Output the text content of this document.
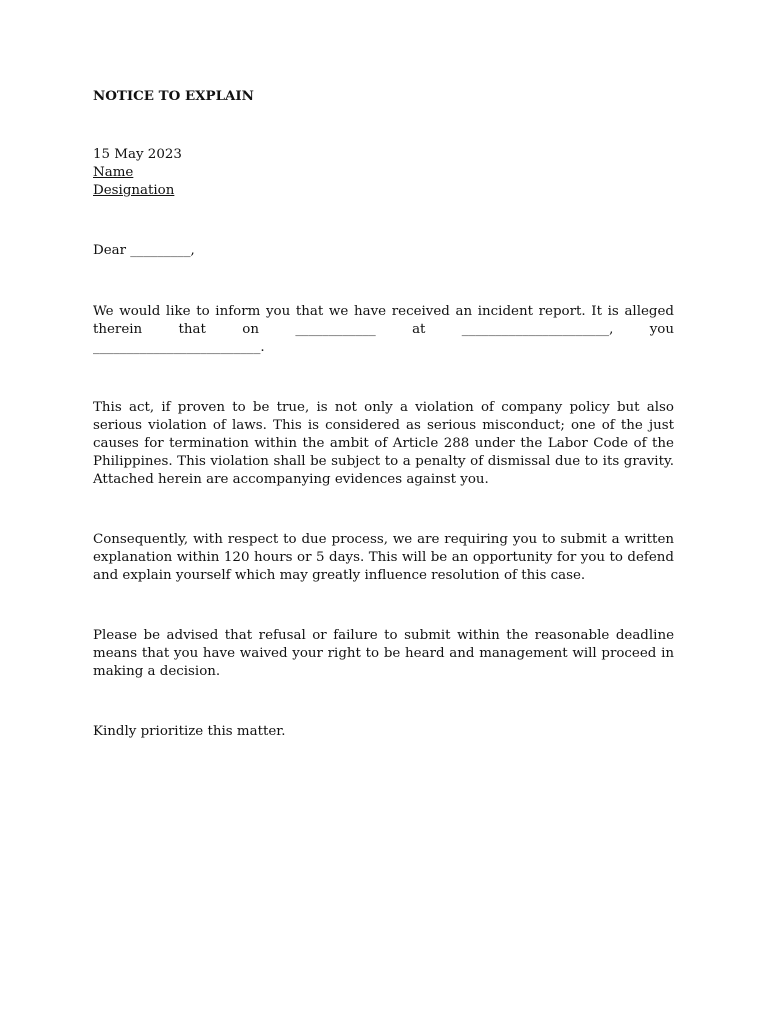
NOTICE TO EXPLAIN
15 May 2023
Name
Designation
Dear _________,
We would like to inform you that we have received an incident report. It is alleged
therein that on ____________ at ______________________, you
_________________________.

This act, if proven to be true, is not only a violation of company policy but also serious violation of laws. This is considered as serious misconduct; one of the just causes for termination within the ambit of Article 288 under the Labor Code of the Philippines. This violation shall be subject to a penalty of dismissal due to its gravity. Attached herein are accompanying evidences against you.

Consequently, with respect to due process, we are requiring you to submit a written explanation within 120 hours or 5 days. This will be an opportunity for you to defend and explain yourself which may greatly influence resolution of this case.

Please be advised that refusal or failure to submit within the reasonable deadline means that you have waived your right to be heard and management will proceed in making a decision.

Kindly prioritize this matter.
